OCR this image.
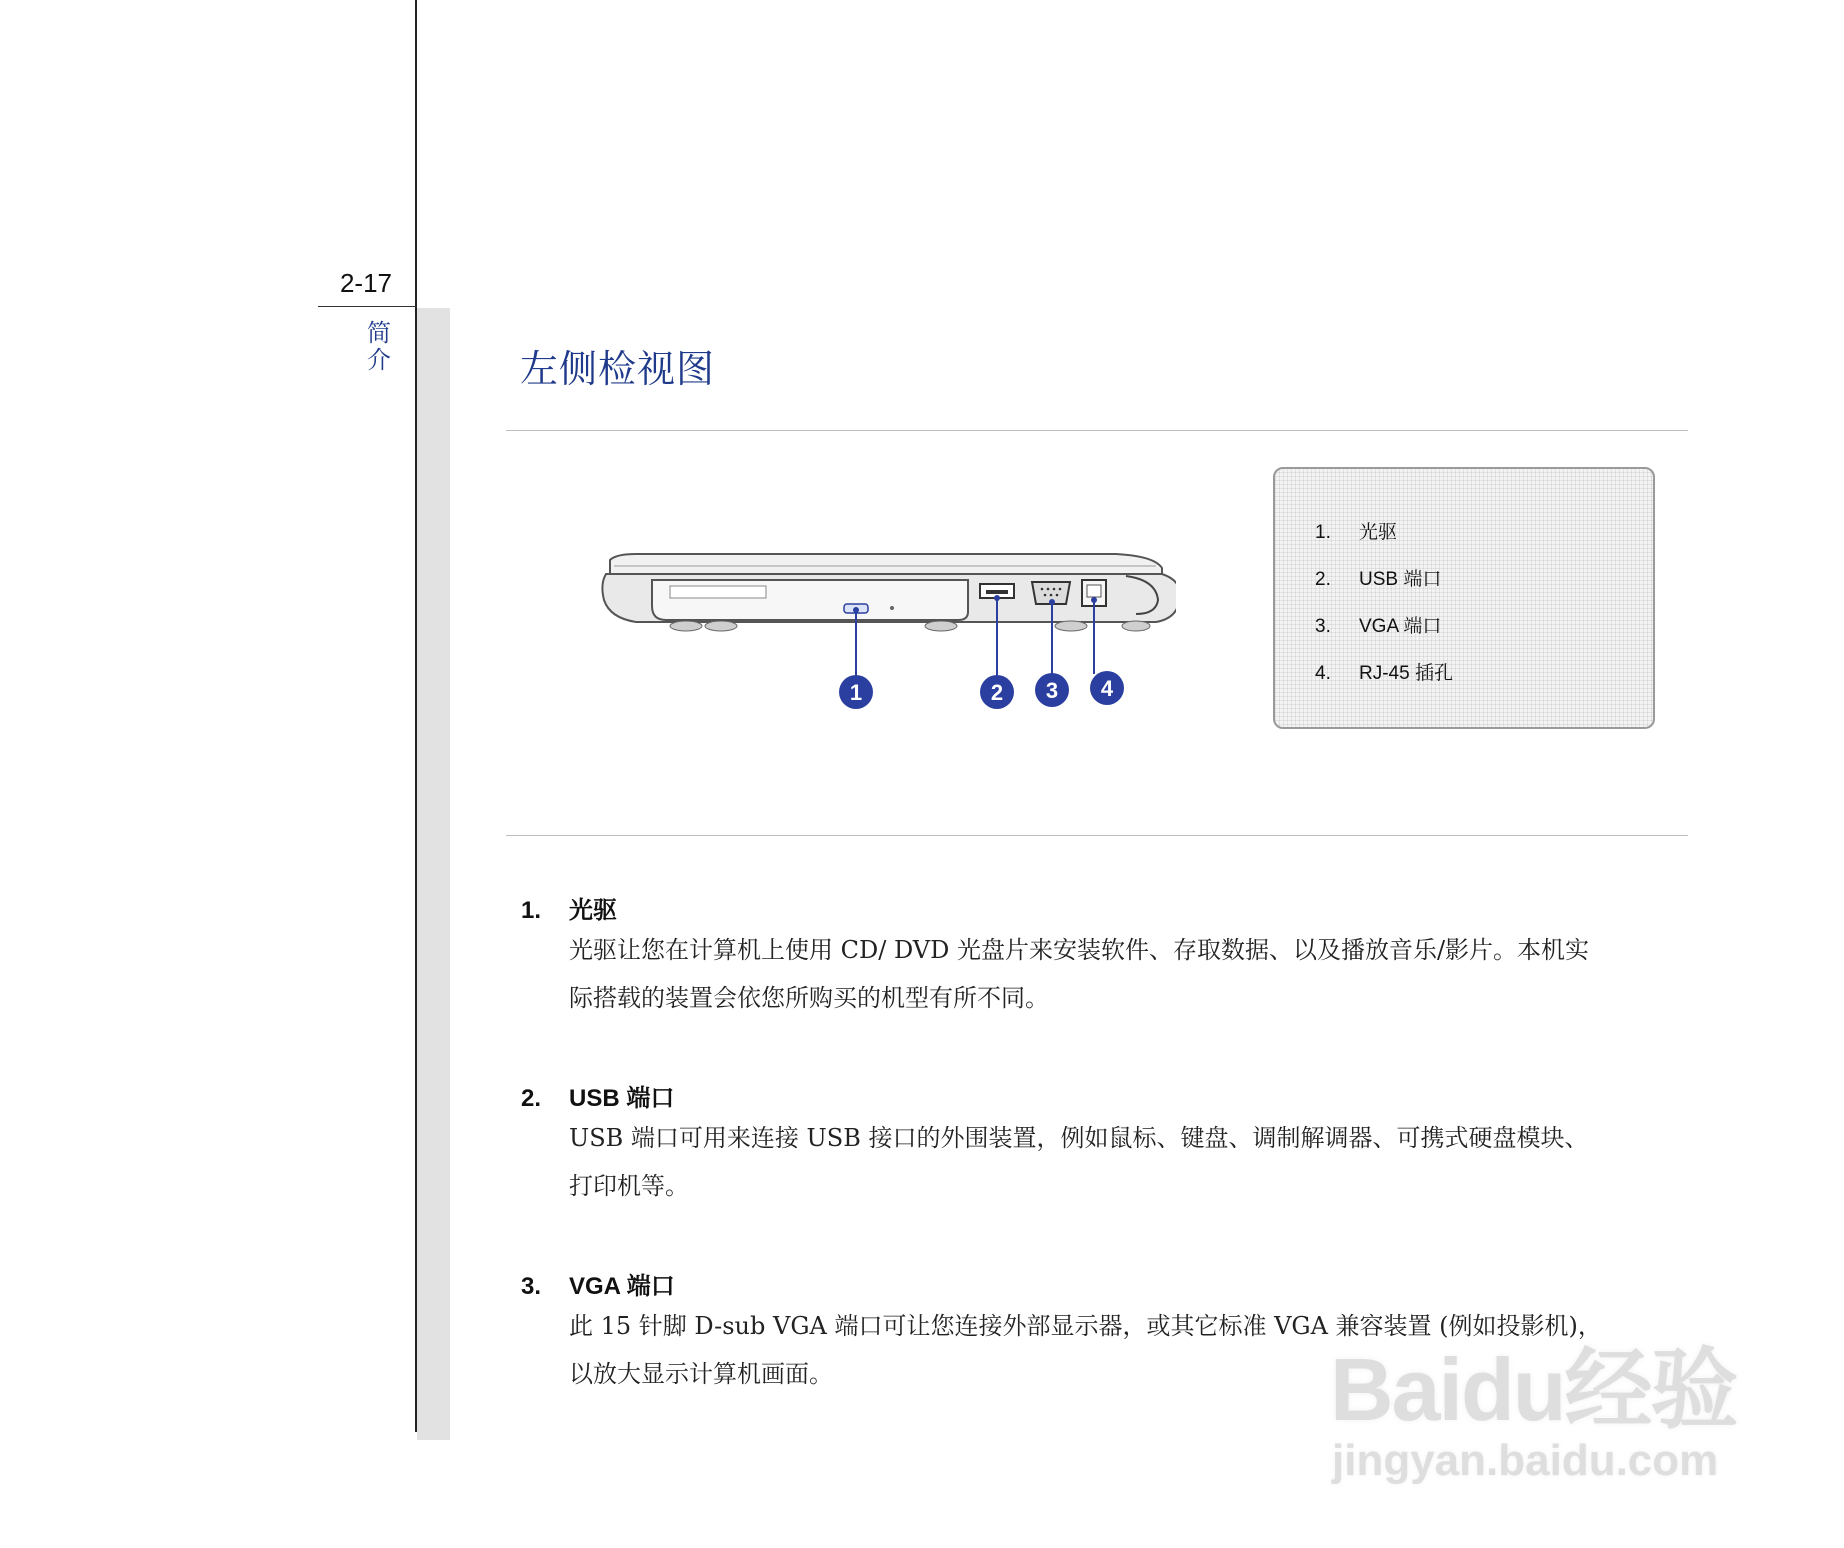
2-17
简介	左侧检视图
1	2 3 4
1. 光驱
2. USB 端口
3. VGA 端口
4. RJ-45 插孔
1. 光驱
光驱让您在计算机上使用 CD/ DVD 光盘片来安装软件、存取数据、以及播放音乐/影片。本机实
际搭载的装置会依您所购买的机型有所不同。
2. USB 端口
USB 端口可用来连接 USB 接口的外围装置，例如鼠标、键盘、调制解调器、可携式硬盘模块、
打印机等。
3. VGA 端口
此 15 针脚 D-sub VGA 端口可让您连接外部显示器，或其它标准 VGA 兼容装置 (例如投影机)，
以放大显示计算机画面。	Baidu经验
jingyan.baidu.com
